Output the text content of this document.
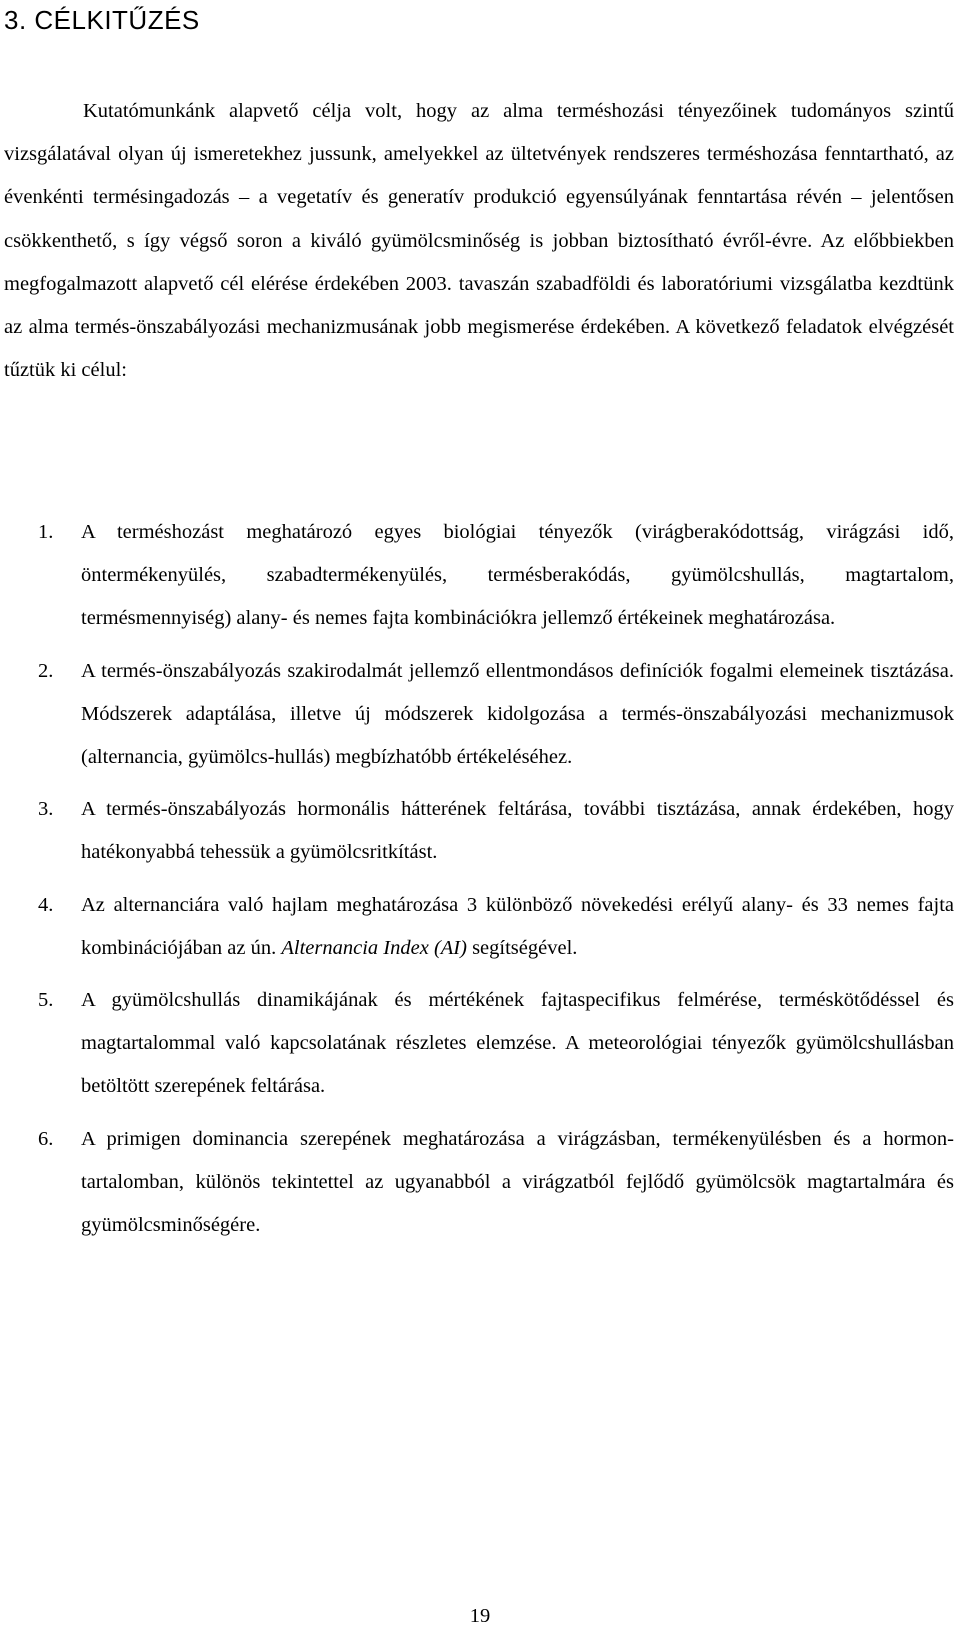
3. CÉLKITŰZÉS

Kutatómunkánk alapvető célja volt, hogy az alma terméshozási tényezőinek tudományos szintű vizsgálatával olyan új ismeretekhez jussunk, amelyekkel az ültetvények rendszeres terméshozása fenntartható, az évenkénti termésingadozás – a vegetatív és generatív produkció egyensúlyának fenntartása révén – jelentősen csökkenthető, s így végső soron a kiváló gyümölcsminőség is jobban biztosítható évről-évre. Az előbbiekben megfogalmazott alapvető cél elérése érdekében 2003. tavaszán szabadföldi és laboratóriumi vizsgálatba kezdtünk az alma termés-önszabályozási mechanizmusának jobb megismerése érdekében. A következő feladatok elvégzését tűztük ki célul:

1. A terméshozást meghatározó egyes biológiai tényezők (virágberakódottság, virágzási idő, öntermékenyülés, szabadtermékenyülés, termésberakódás, gyümölcshullás, magtartalom, termésmennyiség) alany- és nemes fajta kombinációkra jellemző értékeinek meghatározása.
2. A termés-önszabályozás szakirodalmát jellemző ellentmondásos definíciók fogalmi elemeinek tisztázása. Módszerek adaptálása, illetve új módszerek kidolgozása a termés-önszabályozási mechanizmusok (alternancia, gyümölcs-hullás) megbízhatóbb értékeléséhez.
3. A termés-önszabályozás hormonális hátterének feltárása, további tisztázása, annak érdekében, hogy hatékonyabbá tehessük a gyümölcsritkítást.
4. Az alternanciára való hajlam meghatározása 3 különböző növekedési erélyű alany- és 33 nemes fajta kombinációjában az ún. Alternancia Index (AI) segítségével.
5. A gyümölcshullás dinamikájának és mértékének fajtaspecifikus felmérése, terméskötődéssel és magtartalommal való kapcsolatának részletes elemzése. A meteorológiai tényezők gyümölcshullásban betöltött szerepének feltárása.
6. A primigen dominancia szerepének meghatározása a virágzásban, termékenyülésben és a hormon-tartalomban, különös tekintettel az ugyanabból a virágzatból fejlődő gyümölcsök magtartalmára és gyümölcsminőségére.
19
